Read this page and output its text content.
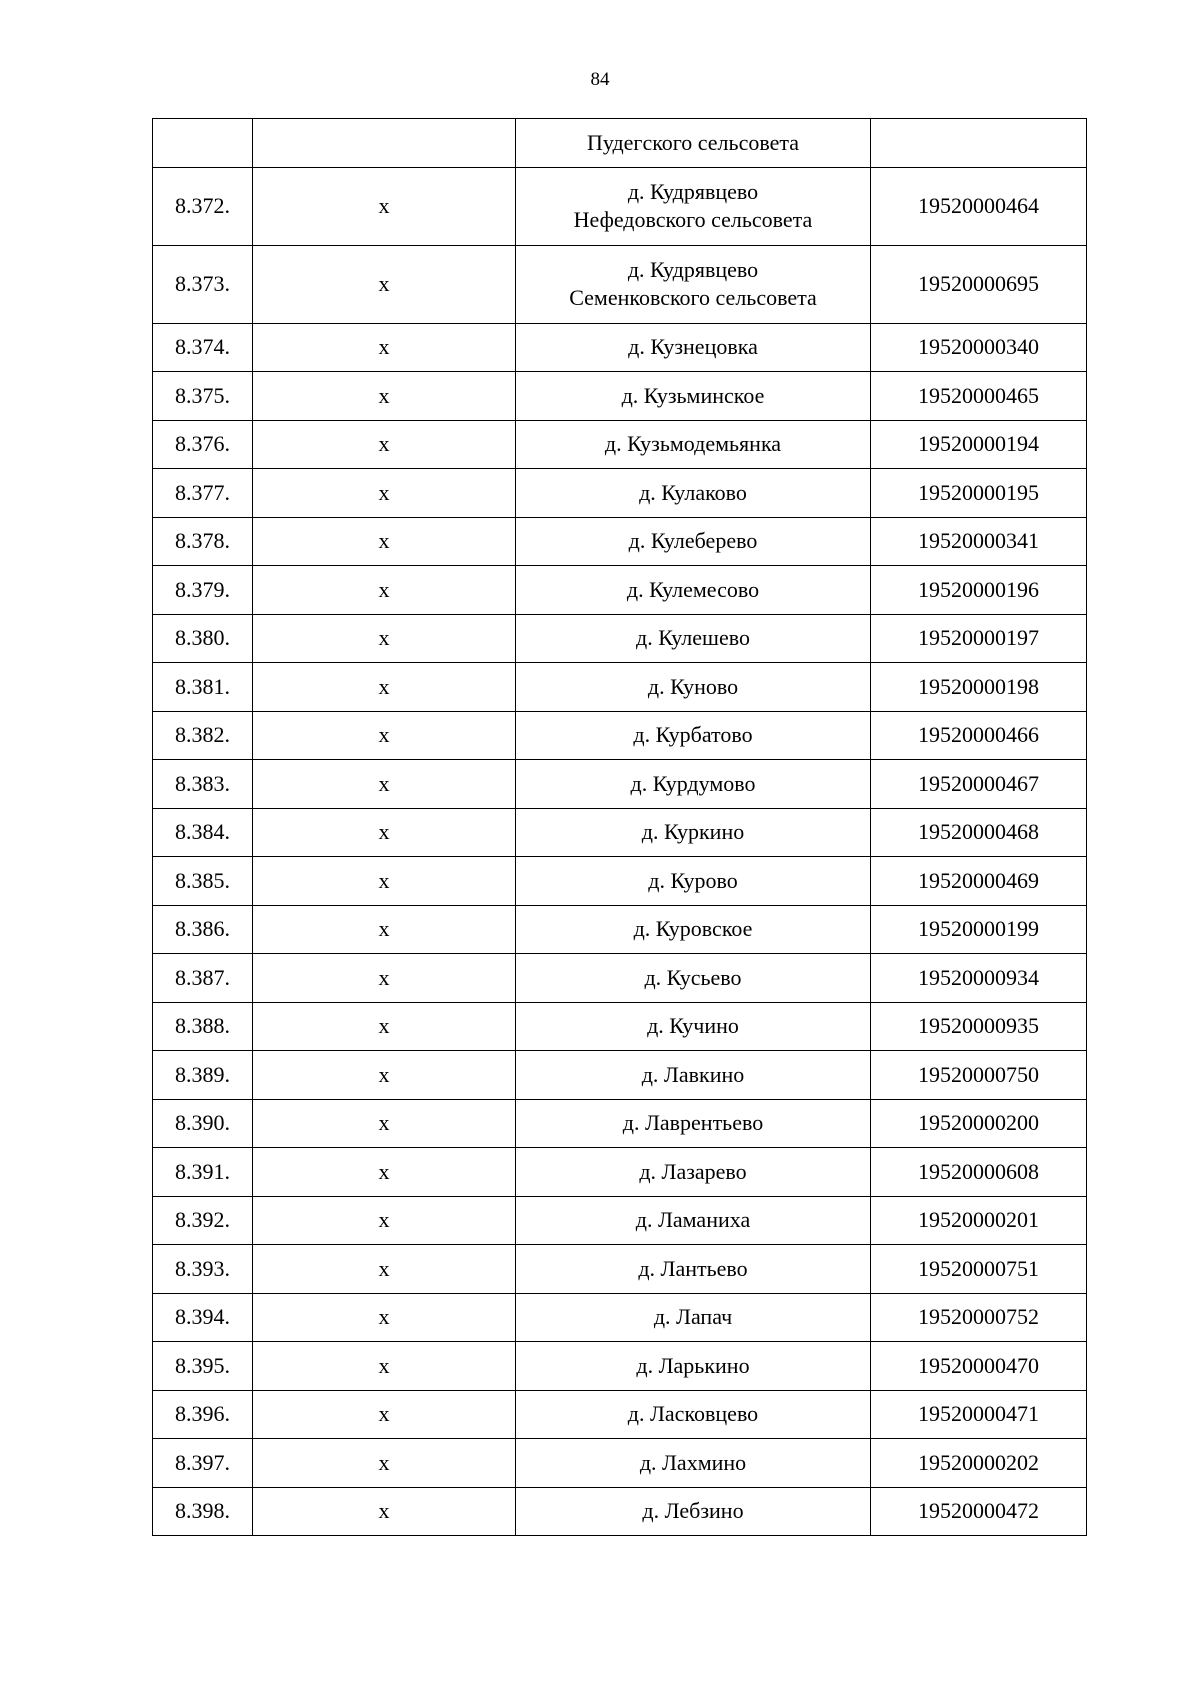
84
		Пудегского сельсовета	
8.372.	х	д. Кудрявцево
Нефедовского сельсовета	19520000464
8.373.	х	д. Кудрявцево
Семенковского сельсовета	19520000695
8.374.	х	д. Кузнецовка	19520000340
8.375.	х	д. Кузьминское	19520000465
8.376.	х	д. Кузьмодемьянка	19520000194
8.377.	х	д. Кулаково	19520000195
8.378.	х	д. Кулеберево	19520000341
8.379.	х	д. Кулемесово	19520000196
8.380.	х	д. Кулешево	19520000197
8.381.	х	д. Куново	19520000198
8.382.	х	д. Курбатово	19520000466
8.383.	х	д. Курдумово	19520000467
8.384.	х	д. Куркино	19520000468
8.385.	х	д. Курово	19520000469
8.386.	х	д. Куровское	19520000199
8.387.	х	д. Кусьево	19520000934
8.388.	х	д. Кучино	19520000935
8.389.	х	д. Лавкино	19520000750
8.390.	х	д. Лаврентьево	19520000200
8.391.	х	д. Лазарево	19520000608
8.392.	х	д. Ламаниха	19520000201
8.393.	х	д. Лантьево	19520000751
8.394.	х	д. Лапач	19520000752
8.395.	х	д. Ларькино	19520000470
8.396.	х	д. Ласковцево	19520000471
8.397.	х	д. Лахмино	19520000202
8.398.	х	д. Лебзино	19520000472
